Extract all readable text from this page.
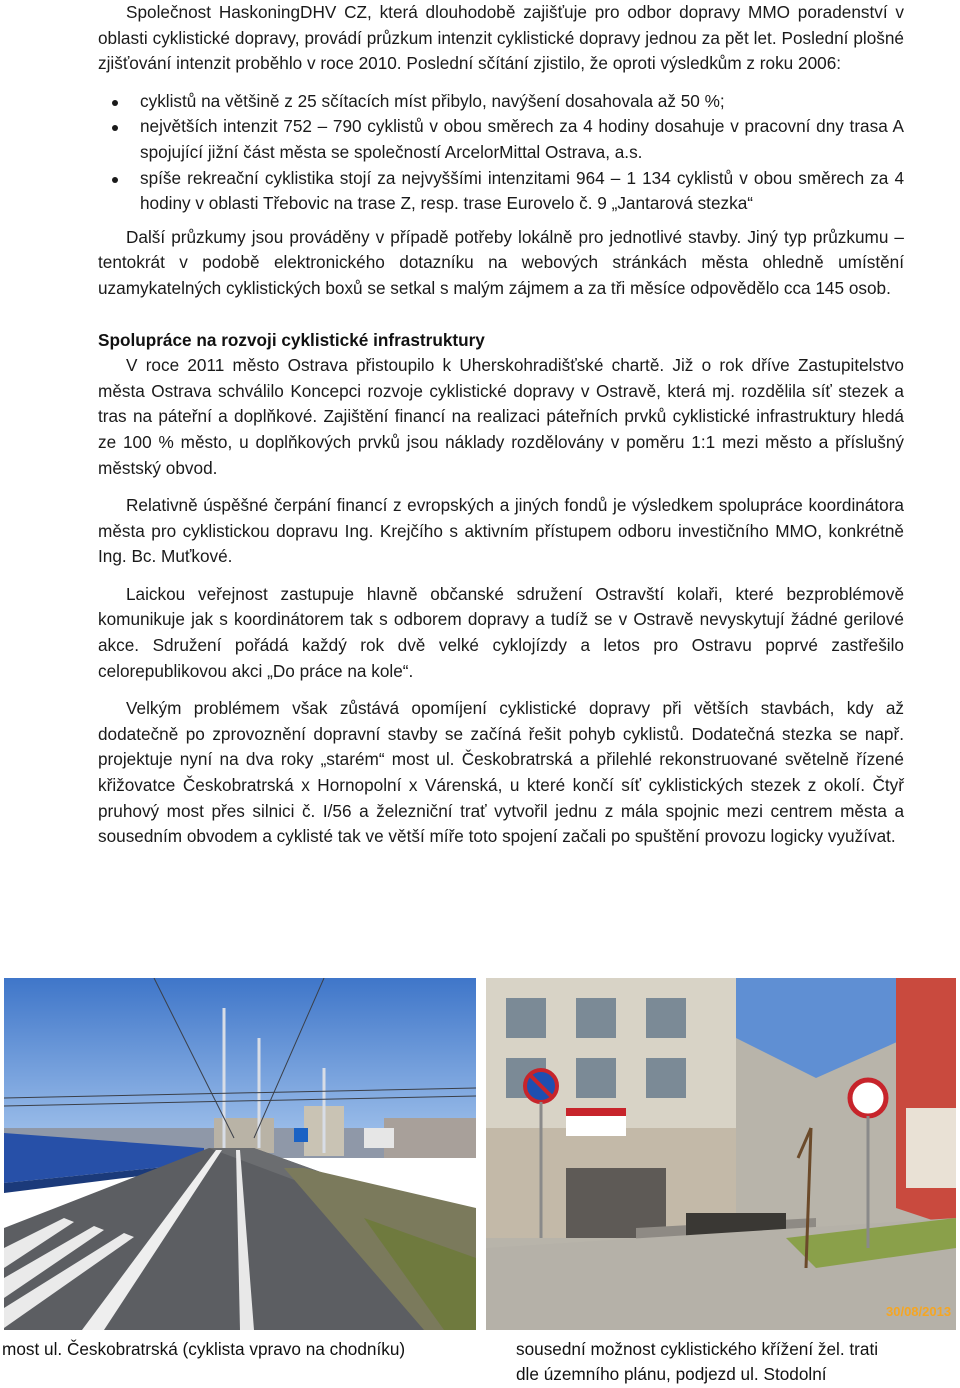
Společnost HaskoningDHV CZ, která dlouhodobě zajišťuje pro odbor dopravy MMO poradenství v oblasti cyklistické dopravy, provádí průzkum intenzit cyklistické dopravy jednou za pět let. Poslední plošné zjišťování intenzit proběhlo v roce 2010. Poslední sčítání zjistilo, že oproti výsledkům z roku 2006:

cyklistů na většině z 25 sčítacích míst přibylo, navýšení dosahovala až 50 %;
největších intenzit 752 – 790 cyklistů v obou směrech za 4 hodiny dosahuje v pracovní dny trasa A spojující jižní část města se společností ArcelorMittal Ostrava, a.s.
spíše rekreační cyklistika stojí za nejvyššími intenzitami 964 – 1 134 cyklistů v obou směrech za 4 hodiny v oblasti Třebovic na trase Z, resp. trase Eurovelo č. 9 „Jantarová stezka“

Další průzkumy jsou prováděny v případě potřeby lokálně pro jednotlivé stavby. Jiný typ průzkumu – tentokrát v podobě elektronického dotazníku na webových stránkách města ohledně umístění uzamykatelných cyklistických boxů se setkal s malým zájmem a za tři měsíce odpovědělo cca 145 osob.

Spolupráce na rozvoji cyklistické infrastruktury

V roce 2011 město Ostrava přistoupilo k Uherskohradišťské chartě. Již o rok dříve Zastupitelstvo města Ostrava schválilo Koncepci rozvoje cyklistické dopravy v Ostravě, která mj. rozdělila síť stezek a tras na páteřní a doplňkové. Zajištění financí na realizaci páteřních prvků cyklistické infrastruktury hledá ze 100 % město, u doplňkových prvků jsou náklady rozdělovány v poměru 1:1 mezi město a příslušný městský obvod.

Relativně úspěšné čerpání financí z evropských a jiných fondů je výsledkem spolupráce koordinátora města pro cyklistickou dopravu Ing. Krejčího s aktivním přístupem odboru investičního MMO, konkrétně Ing. Bc. Muťkové.

Laickou veřejnost zastupuje hlavně občanské sdružení Ostravští kolaři, které bezproblémově komunikuje jak s koordinátorem tak s odborem dopravy a tudíž se v Ostravě nevyskytují žádné gerilové akce. Sdružení pořádá každý rok dvě velké cyklojízdy a letos pro Ostravu poprvé zastřešilo celorepublikovou akci „Do práce na kole“.

Velkým problémem však zůstává opomíjení cyklistické dopravy při větších stavbách, kdy až dodatečně po zprovoznění dopravní stavby se začíná řešit pohyb cyklistů. Dodatečná stezka se např. projektuje nyní na dva roky „starém“ most ul. Českobratrská a přilehlé rekonstruované světelně řízené křižovatce Českobratrská x Hornopolní x Várenská, u které končí síť cyklistických stezek z okolí. Čtyř pruhový most přes silnici č. I/56 a železniční trať vytvořil jednu z mála spojnic mezi centrem města a sousedním obvodem a cyklisté tak ve větší míře toto spojení začali po spuštění provozu logicky využívat.

30/08/2013
most ul. Českobratrská (cyklista vpravo na chodníku)	sousední možnost cyklistického křížení žel. trati
dle územního plánu, podjezd ul. Stodolní
